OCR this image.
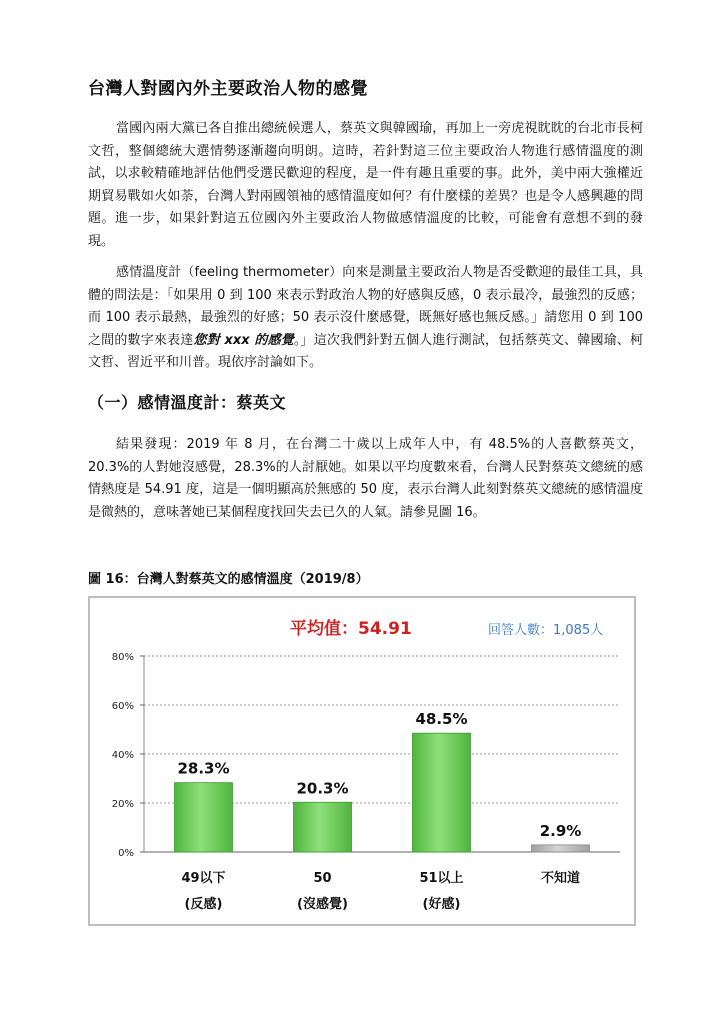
台灣人對國內外主要政治人物的感覺
當國內兩大黨已各自推出總統候選人，蔡英文與韓國瑜，再加上一旁虎視眈眈的台北市長柯文哲，整個總統大選情勢逐漸趨向明朗。這時，若針對這三位主要政治人物進行感情溫度的測試，以求較精確地評估他們受選民歡迎的程度，是一件有趣且重要的事。此外，美中兩大強權近期貿易戰如火如荼，台灣人對兩國領袖的感情溫度如何？有什麼樣的差異？也是令人感興趣的問題。進一步，如果針對這五位國內外主要政治人物做感情溫度的比較，可能會有意想不到的發現。
感情溫度計（feeling thermometer）向來是測量主要政治人物是否受歡迎的最佳工具，具體的問法是：「如果用 0 到 100 來表示對政治人物的好感與反感，0 表示最冷，最強烈的反感；而 100 表示最熱，最強烈的好感；50 表示沒什麼感覺，既無好感也無反感。」請您用 0 到 100 之間的數字來表達您對 xxx 的感覺。」這次我們針對五個人進行測試，包括蔡英文、韓國瑜、柯文哲、習近平和川普。現依序討論如下。
（一）感情溫度計：蔡英文
結果發現：2019 年 8 月，在台灣二十歲以上成年人中，有 48.5%的人喜歡蔡英文，20.3%的人對她沒感覺，28.3%的人討厭她。如果以平均度數來看，台灣人民對蔡英文總統的感情熱度是 54.91 度，這是一個明顯高於無感的 50 度，表示台灣人此刻對蔡英文總統的感情溫度是微熱的，意味著她已某個程度找回失去已久的人氣。請參見圖 16。
圖 16：台灣人對蔡英文的感情溫度（2019/8）
平均值：54.91	回答人數：1,085人
0%
20%
40%
60%
80%
28.3%
20.3%
48.5%
2.9%
49以下
(反感)
50
(沒感覺)
51以上
(好感)
不知道
